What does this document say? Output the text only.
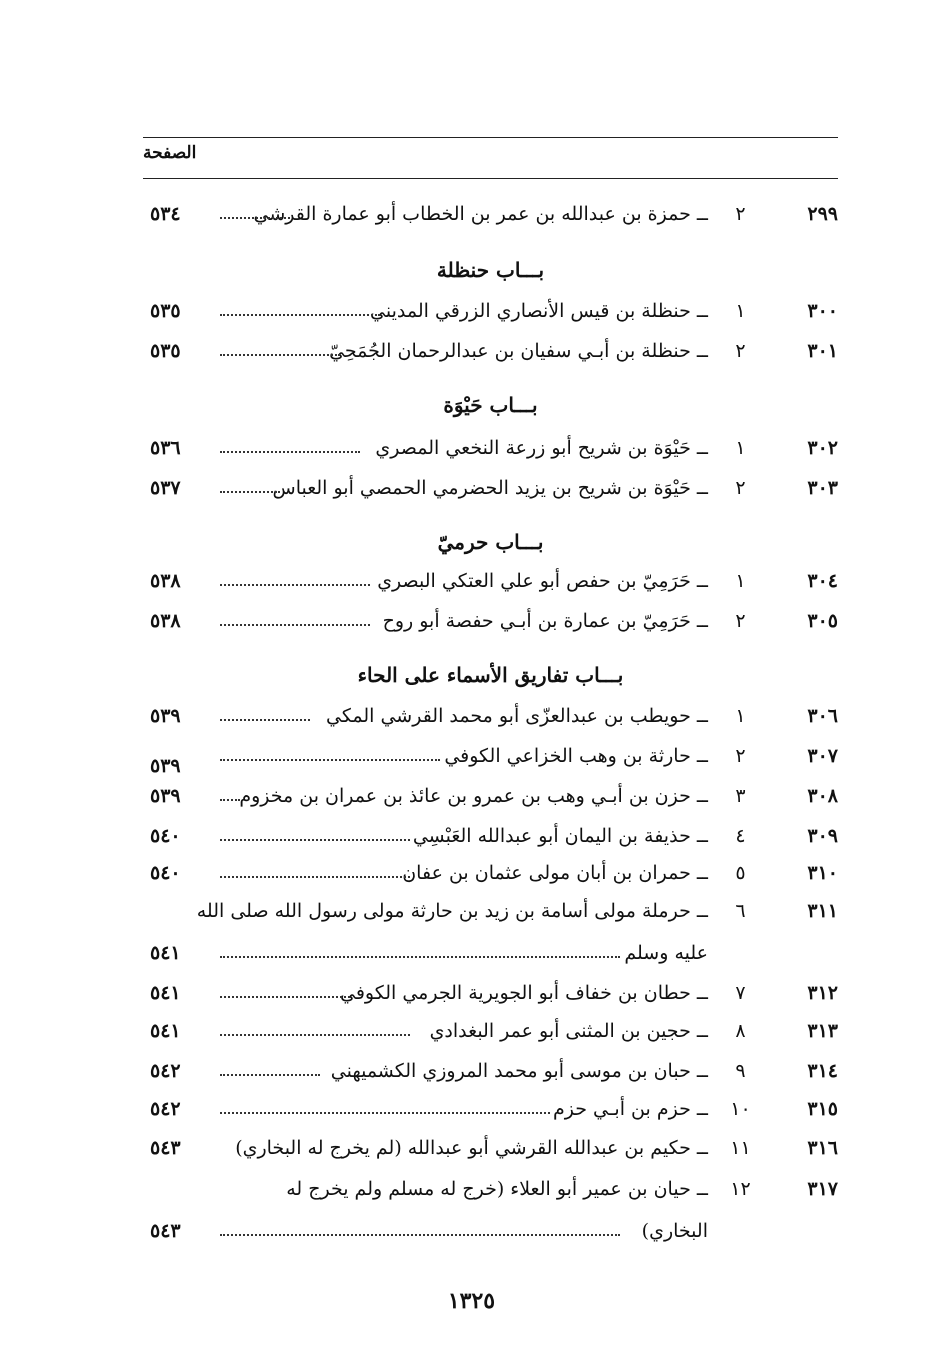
الصفحة
٢٩٩
٢
ــ حمزة بن عبدالله بن عمر بن الخطاب أبو عمارة القرشي
٥٣٤
بـــاب حنظلة
٣٠٠
١
ــ حنظلة بن قيس الأنصاري الزرقي المديني
٥٣٥
٣٠١
٢
ــ حنظلة بن أبـي سفيان بن عبدالرحمان الجُمَحِيّ
٥٣٥
بـــاب حَيْوَة
٣٠٢
١
ــ حَيْوَة بن شريح أبو زرعة النخعي المصري
٥٣٦
٣٠٣
٢
ــ حَيْوَة بن شريح بن يزيد الحضرمي الحمصي أبو العباس
٥٣٧
بـــاب حرميّ
٣٠٤
١
ــ حَرَمِيّ بن حفص أبو علي العتكي البصري
٥٣٨
٣٠٥
٢
ــ حَرَمِيّ بن عمارة بن أبـي حفصة أبو روح
٥٣٨
بـــاب تفاريق الأسماء على الحاء
٣٠٦
١
ــ حويطب بن عبدالعزّى أبو محمد القرشي المكي
٥٣٩
٣٠٧
٢
ــ حارثة بن وهب الخزاعي الكوفي
٥٣٩
٣٠٨
٣
ــ حزن بن أبـي وهب بن عمرو بن عائذ بن عمران بن مخزوم
٥٣٩
٣٠٩
٤
ــ حذيفة بن اليمان أبو عبدالله العَبْسِي
٥٤٠
٣١٠
٥
ــ حمران بن أبان مولى عثمان بن عفان
٥٤٠
٣١١
٦
ــ حرملة مولى أسامة بن زيد بن حارثة مولى رسول الله صلى الله
عليه وسلم
٥٤١
٣١٢
٧
ــ حطان بن خفاف أبو الجويرية الجرمي الكوفي
٥٤١
٣١٣
٨
ــ حجين بن المثنى أبو عمر البغدادي
٥٤١
٣١٤
٩
ــ حبان بن موسى أبو محمد المروزي الكشميهني
٥٤٢
٣١٥
١٠
ــ حزم بن أبـي حزم
٥٤٢
٣١٦
١١
ــ حكيم بن عبدالله القرشي أبو عبدالله (لم يخرج له البخاري)
٥٤٣
٣١٧
١٢
ــ حيان بن عمير أبو العلاء (خرج له مسلم ولم يخرج له
البخاري)
٥٤٣
١٣٢٥
